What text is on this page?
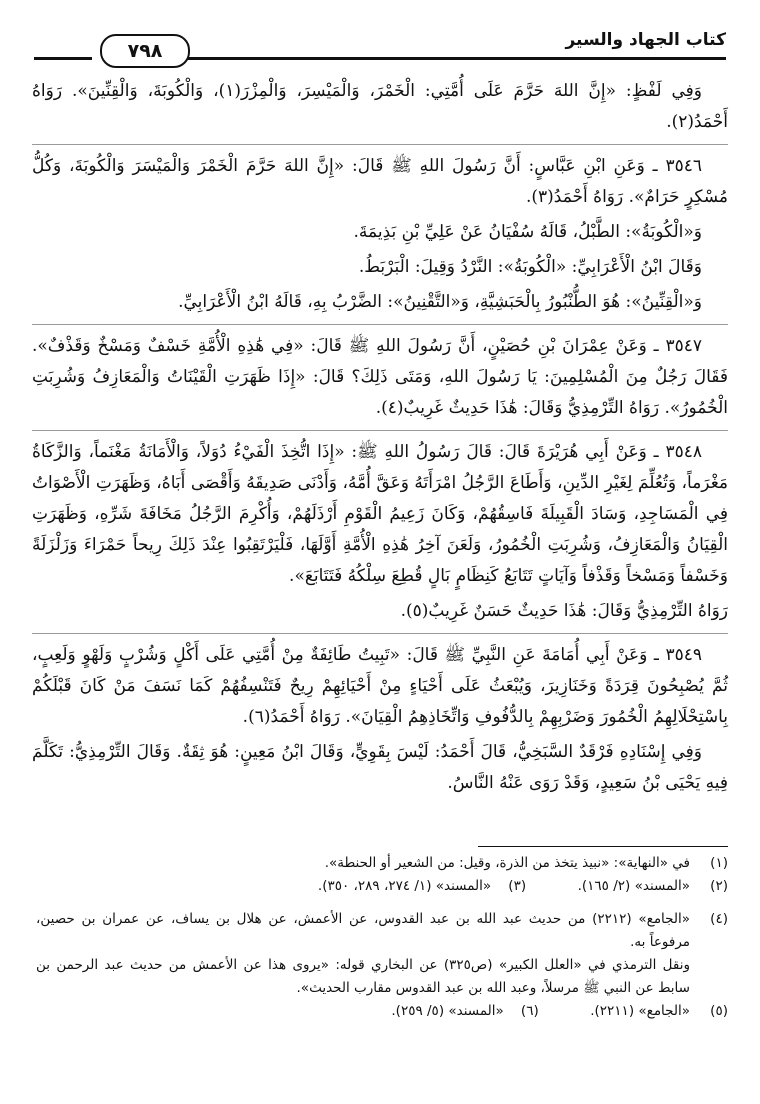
كتاب الجهاد والسير
٧٩٨

وَفِي لَفْظٍ: «إِنَّ اللهَ حَرَّمَ عَلَى أُمَّتِي: الْخَمْرَ، وَالْمَيْسِرَ، وَالْمِزْرَ(١)، وَالْكُوبَةَ، وَالْقِنِّينَ». رَوَاهُ أَحْمَدُ(٢).

٣٥٤٦ ـ وَعَنِ ابْنِ عَبَّاسٍ: أَنَّ رَسُولَ اللهِ ﷺ قَالَ: «إِنَّ اللهَ حَرَّمَ الْخَمْرَ وَالْمَيْسَرَ وَالْكُوبَةَ، وَكُلُّ مُسْكِرٍ حَرَامٌ». رَوَاهُ أَحْمَدُ(٣).

وَ«الْكُوبَةُ»: الطَّبْلُ، قَالَهُ سُفْيَانُ عَنْ عَلِيِّ بْنِ بَذِيمَةَ.

وَقَالَ ابْنُ الْأَعْرَابِيِّ: «الْكُوبَةُ»: النَّرْدُ وَقِيلَ: الْبَرْبَطُ.

وَ«الْقِنِّينُ»: هُوَ الطُّنْبُورُ بِالْحَبَشِيَّةِ، وَ«التَّقْنِينُ»: الضَّرْبُ بِهِ، قَالَهُ ابْنُ الْأَعْرَابِيِّ.

٣٥٤٧ ـ وَعَنْ عِمْرَانَ بْنِ حُصَيْنٍ، أَنَّ رَسُولَ اللهِ ﷺ قَالَ: «فِي هَٰذِهِ الْأُمَّةِ خَسْفٌ وَمَسْخٌ وَقَذْفٌ». فَقَالَ رَجُلٌ مِنَ الْمُسْلِمِينَ: يَا رَسُولَ اللهِ، وَمَتَى ذَلِكَ؟ قَالَ: «إِذَا ظَهَرَتِ الْقَيْنَاتُ وَالْمَعَازِفُ وَشُرِبَتِ الْخُمُورُ». رَوَاهُ التِّرْمِذِيُّ وَقَالَ: هَٰذَا حَدِيثٌ غَرِيبٌ(٤).

٣٥٤٨ ـ وَعَنْ أَبِي هُرَيْرَةَ قَالَ: قَالَ رَسُولُ اللهِ ﷺ: «إِذَا اتُّخِذَ الْفَيْءُ دُوَلاً، وَالْأَمَانَةُ مَغْنَماً، وَالزَّكَاةُ مَغْرَماً، وَتُعُلِّمَ لِغَيْرِ الدِّينِ، وَأَطَاعَ الرَّجُلُ امْرَأَتَهُ وَعَقَّ أُمَّهُ، وَأَدْنَى صَدِيقَهُ وَأَقْصَى أَبَاهُ، وَظَهَرَتِ الْأَصْوَاتُ فِي الْمَسَاجِدِ، وَسَادَ الْقَبِيلَةَ فَاسِقُهُمْ، وَكَانَ زَعِيمُ الْقَوْمِ أَرْذَلَهُمْ، وَأُكْرِمَ الرَّجُلُ مَخَافَةَ شَرِّهِ، وَظَهَرَتِ الْقِيَانُ وَالْمَعَازِفُ، وَشُرِبَتِ الْخُمُورُ، وَلَعَنَ آخِرُ هَٰذِهِ الْأُمَّةِ أَوَّلَهَا، فَلْيَرْتَقِبُوا عِنْدَ ذَلِكَ رِيحاً حَمْرَاءَ وَزَلْزَلَةً وَخَسْفاً وَمَسْخاً وَقَذْفاً وَآيَاتٍ تَتَابَعُ كَنِظَامٍ بَالٍ قُطِعَ سِلْكُهُ فَتَتَابَعَ».

رَوَاهُ التِّرْمِذِيُّ وَقَالَ: هَٰذَا حَدِيثٌ حَسَنٌ غَرِيبٌ(٥).

٣٥٤٩ ـ وَعَنْ أَبِي أُمَامَةَ عَنِ النَّبِيِّ ﷺ قَالَ: «تَبِيتُ طَائِفَةٌ مِنْ أُمَّتِي عَلَى أَكْلٍ وَشُرْبٍ وَلَهْوٍ وَلَعِبٍ، ثُمَّ يُصْبِحُونَ قِرَدَةً وَخَنَازِيرَ، وَيُبْعَثُ عَلَى أَحْيَاءٍ مِنْ أَحْيَائِهِمْ رِيحٌ فَتَنْسِفُهُمْ كَمَا نَسَفَ مَنْ كَانَ قَبْلَكُمْ بِاسْتِحْلَالِهِمُ الْخُمُورَ وَضَرْبِهِمْ بِالدُّفُوفِ وَاتِّخَاذِهِمُ الْقِيَانَ». رَوَاهُ أَحْمَدُ(٦).

وَفِي إِسْنَادِهِ فَرْقَدٌ السَّبَخِيُّ، قَالَ أَحْمَدُ: لَيْسَ بِقَوِيٍّ، وَقَالَ ابْنُ مَعِينٍ: هُوَ ثِقَةٌ. وَقَالَ التِّرْمِذِيُّ: تَكَلَّمَ فِيهِ يَحْيَى بْنُ سَعِيدٍ، وَقَدْ رَوَى عَنْهُ النَّاسُ.

(١)
في «النهاية»: «نبيذ يتخذ من الذرة، وقيل: من الشعير أو الحنطة».
(٢)
«المسند» (٢/ ١٦٥).            (٣)    «المسند» (١/ ٢٧٤، ٢٨٩، ٣٥٠).
(٤)
«الجامع» (٢٢١٢) من حديث عبد الله بن عبد القدوس، عن الأعمش، عن هلال بن يساف، عن عمران بن حصين، مرفوعاً به.
ونقل الترمذي في «العلل الكبير» (ص٣٢٥) عن البخاري قوله: «يروى هذا عن الأعمش من حديث عبد الرحمن بن سابط عن النبي ﷺ مرسلاً، وعبد الله بن عبد القدوس مقارب الحديث».
(٥)
«الجامع» (٢٢١١).            (٦)    «المسند» (٥/ ٢٥٩).
